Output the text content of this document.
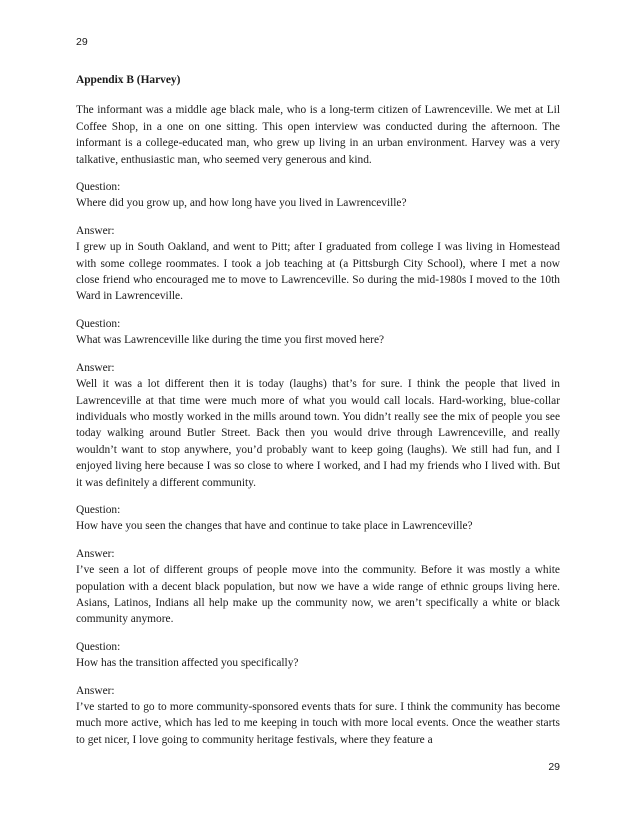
29
Appendix B (Harvey)

The informant was a middle age black male, who is a long-term citizen of Lawrenceville. We met at Lil Coffee Shop, in a one on one sitting. This open interview was conducted during the afternoon. The informant is a college-educated man, who grew up living in an urban environment. Harvey was a very talkative, enthusiastic man, who seemed very generous and kind.

Question:
Where did you grow up, and how long have you lived in Lawrenceville?
Answer:
I grew up in South Oakland, and went to Pitt; after I graduated from college I was living in Homestead with some college roommates. I took a job teaching at (a Pittsburgh City School), where I met a now close friend who encouraged me to move to Lawrenceville. So during the mid-1980s I moved to the 10th Ward in Lawrenceville.
Question:
What was Lawrenceville like during the time you first moved here?
Answer:
Well it was a lot different then it is today (laughs) that’s for sure. I think the people that lived in Lawrenceville at that time were much more of what you would call locals. Hard-working, blue-collar individuals who mostly worked in the mills around town. You didn’t really see the mix of people you see today walking around Butler Street. Back then you would drive through Lawrenceville, and really wouldn’t want to stop anywhere, you’d probably want to keep going (laughs). We still had fun, and I enjoyed living here because I was so close to where I worked, and I had my friends who I lived with. But it was definitely a different community.
Question:
How have you seen the changes that have and continue to take place in Lawrenceville?
Answer:
I’ve seen a lot of different groups of people move into the community. Before it was mostly a white population with a decent black population, but now we have a wide range of ethnic groups living here. Asians, Latinos, Indians all help make up the community now, we aren’t specifically a white or black community anymore.
Question:
How has the transition affected you specifically?
Answer:
I’ve started to go to more community-sponsored events thats for sure. I think the community has become much more active, which has led to me keeping in touch with more local events. Once the weather starts to get nicer, I love going to community heritage festivals, where they feature a
29
